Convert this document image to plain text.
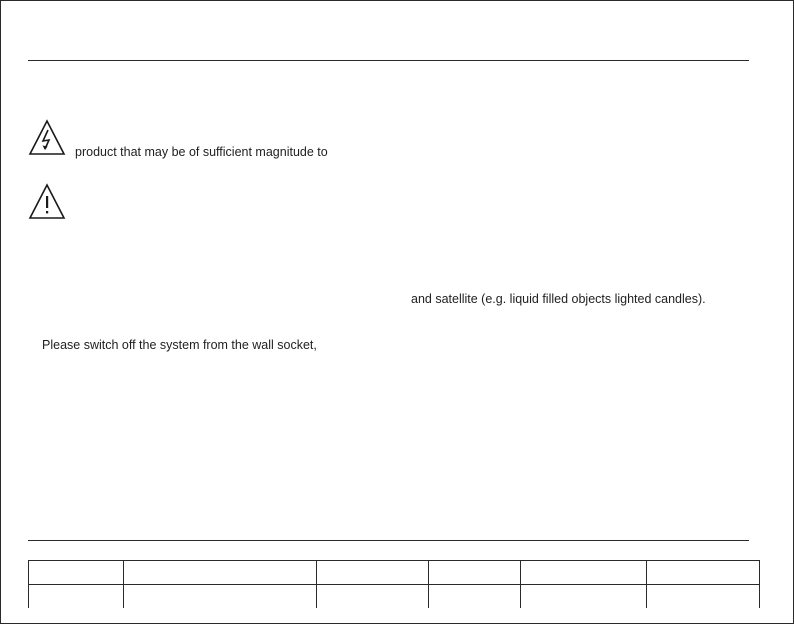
product that may be of sufficient magnitude to
and satellite (e.g. liquid filled objects lighted candles).
Please switch off the system from the wall socket,
